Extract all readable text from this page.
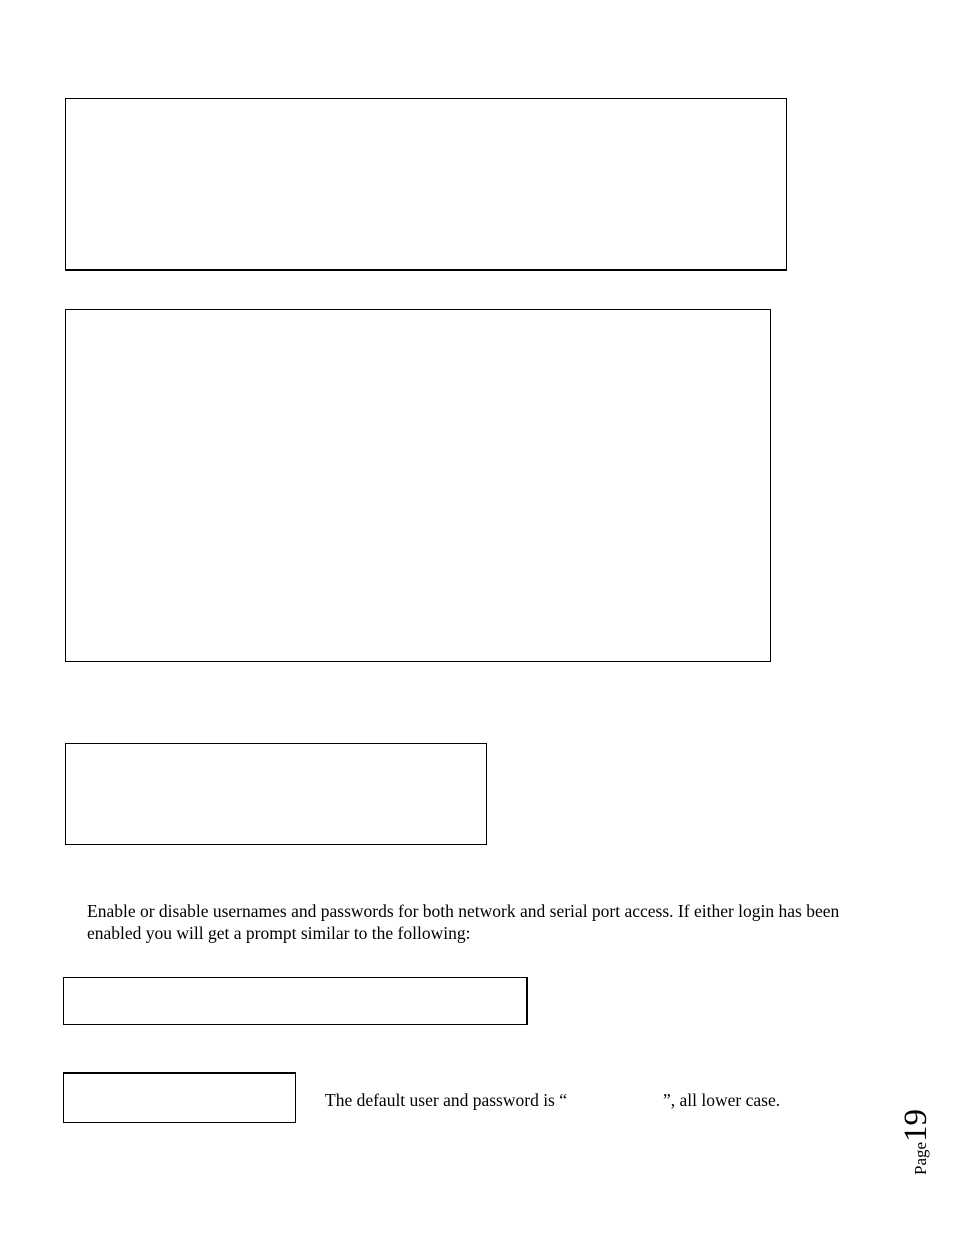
Enable or disable usernames and passwords for both network and serial port access. If either login has been enabled you will get a prompt similar to the following:

The default user and password is “	”, all lower case.
Page19
